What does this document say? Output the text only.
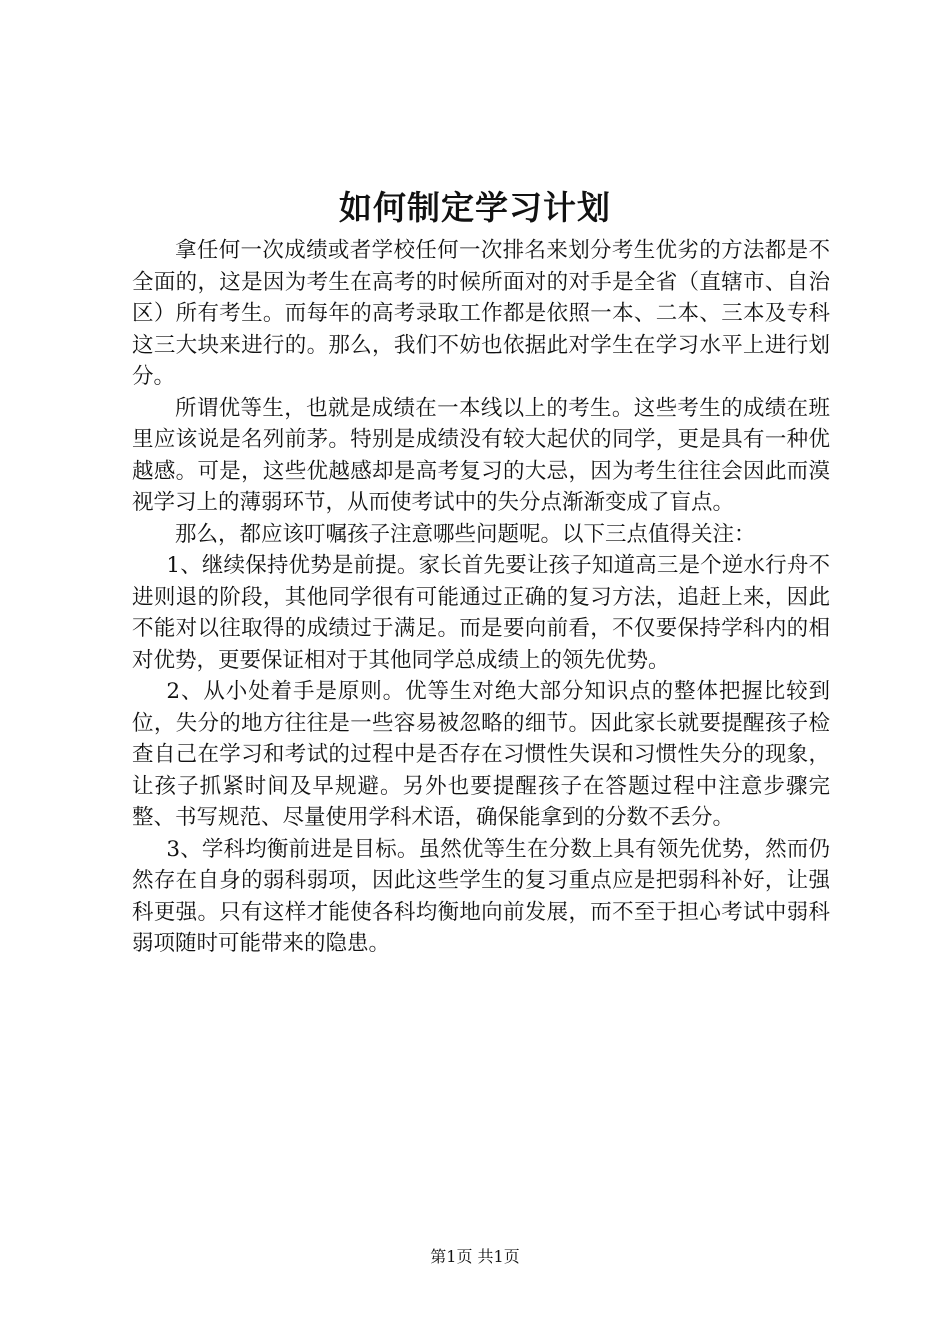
如何制定学习计划

拿任何一次成绩或者学校任何一次排名来划分考生优劣的方法都是不全面的，这是因为考生在高考的时候所面对的对手是全省（直辖市、自治区）所有考生。而每年的高考录取工作都是依照一本、二本、三本及专科这三大块来进行的。那么，我们不妨也依据此对学生在学习水平上进行划分。

所谓优等生，也就是成绩在一本线以上的考生。这些考生的成绩在班里应该说是名列前茅。特别是成绩没有较大起伏的同学，更是具有一种优越感。可是，这些优越感却是高考复习的大忌，因为考生往往会因此而漠视学习上的薄弱环节，从而使考试中的失分点渐渐变成了盲点。

那么，都应该叮嘱孩子注意哪些问题呢。以下三点值得关注：

1、继续保持优势是前提。家长首先要让孩子知道高三是个逆水行舟不进则退的阶段，其他同学很有可能通过正确的复习方法，追赶上来，因此不能对以往取得的成绩过于满足。而是要向前看，不仅要保持学科内的相对优势，更要保证相对于其他同学总成绩上的领先优势。

2、从小处着手是原则。优等生对绝大部分知识点的整体把握比较到位，失分的地方往往是一些容易被忽略的细节。因此家长就要提醒孩子检查自己在学习和考试的过程中是否存在习惯性失误和习惯性失分的现象，让孩子抓紧时间及早规避。另外也要提醒孩子在答题过程中注意步骤完整、书写规范、尽量使用学科术语，确保能拿到的分数不丢分。

3、学科均衡前进是目标。虽然优等生在分数上具有领先优势，然而仍然存在自身的弱科弱项，因此这些学生的复习重点应是把弱科补好，让强科更强。只有这样才能使各科均衡地向前发展，而不至于担心考试中弱科弱项随时可能带来的隐患。

第1页 共1页
